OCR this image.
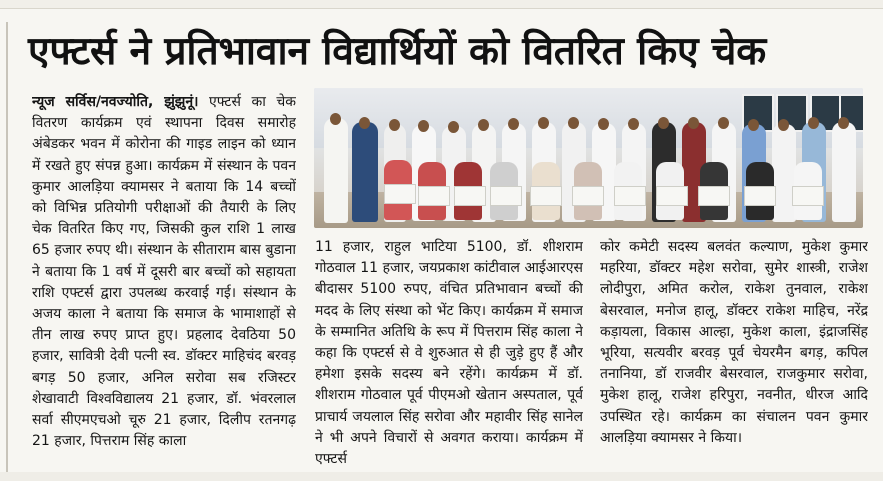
एफ्टर्स ने प्रतिभावान विद्यार्थियों को वितरित किए चेक

न्यूज सर्विस/नवज्योति, झुंझुनूं। एफ्टर्स का चेक वितरण कार्यक्रम एवं स्थापना दिवस समारोह अंबेडकर भवन में कोरोना की गाइड लाइन को ध्यान में रखते हुए संपन्न हुआ। कार्यक्रम में संस्थान के पवन कुमार आलड़िया क्यामसर ने बताया कि 14 बच्चों को विभिन्न प्रतियोगी परीक्षाओं की तैयारी के लिए चेक वितरित किए गए, जिसकी कुल राशि 1 लाख 65 हजार रुपए थी। संस्थान के सीताराम बास बुडाना ने बताया कि 1 वर्ष में दूसरी बार बच्चों को सहायता राशि एफ्टर्स द्वारा उपलब्ध करवाई गई। संस्थान के अजय काला ने बताया कि समाज के भामाशाहों से तीन लाख रुपए प्राप्त हुए। प्रहलाद देवठिया 50 हजार, सावित्री देवी पत्नी स्व. डॉक्टर माहिचंद बरवड़ बगड़ 50 हजार, अनिल सरोवा सब रजिस्टर शेखावाटी विश्वविद्यालय 21 हजार, डॉ. भंवरलाल सर्वा सीएमएचओ चूरु 21 हजार, दिलीप रतनगढ़ 21 हजार, पित्तराम सिंह काला

11 हजार, राहुल भाटिया 5100, डॉ. शीशराम गोठवाल 11 हजार, जयप्रकाश कांटीवाल आईआरएस बीदासर 5100 रुपए, वंचित प्रतिभावान बच्चों की मदद के लिए संस्था को भेंट किए। कार्यक्रम में समाज के सम्मानित अतिथि के रूप में पित्तराम सिंह काला ने कहा कि एफ्टर्स से वे शुरुआत से ही जुड़े हुए हैं और हमेशा इसके सदस्य बने रहेंगे। कार्यक्रम में डॉ. शीशराम गोठवाल पूर्व पीएमओ खेतान अस्पताल, पूर्व प्राचार्य जयलाल सिंह सरोवा और महावीर सिंह सानेल ने भी अपने विचारों से अवगत कराया। कार्यक्रम में एफ्टर्स

कोर कमेटी सदस्य बलवंत कल्याण, मुकेश कुमार महरिया, डॉक्टर महेश सरोवा, सुमेर शास्त्री, राजेश लोदीपुरा, अमित करोल, राकेश तुनवाल, राकेश बेसरवाल, मनोज हालू, डॉक्टर राकेश माहिच, नरेंद्र कड़ायला, विकास आल्हा, मुकेश काला, इंद्राजसिंह भूरिया, सत्यवीर बरवड़ पूर्व चेयरमैन बगड़, कपिल तनानिया, डॉ राजवीर बेसरवाल, राजकुमार सरोवा, मुकेश हालू, राजेश हरिपुरा, नवनीत, धीरज आदि उपस्थित रहे। कार्यक्रम का संचालन पवन कुमार आलड़िया क्यामसर ने किया।
